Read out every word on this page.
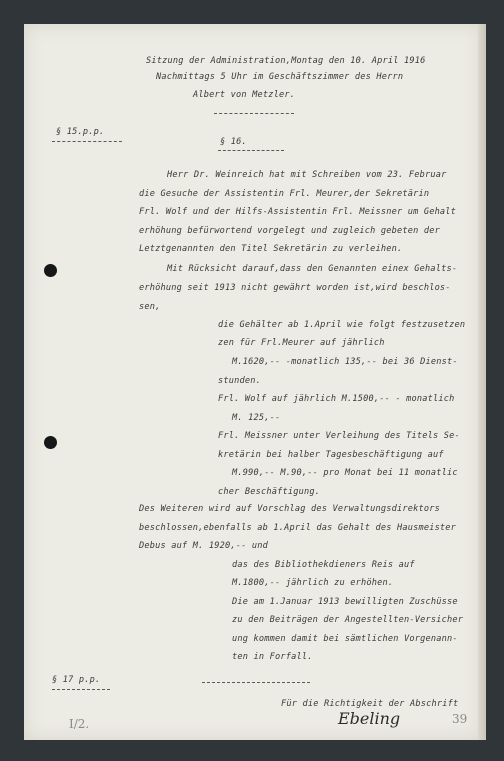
Sitzung der Administration,Montag den 10. April 1916
Nachmittags 5 Uhr im Geschäftszimmer des Herrn
Albert von Metzler.
§ 15.p.p.
§ 16.
Herr Dr. Weinreich hat mit Schreiben vom 23. Februar
die Gesuche der Assistentin Frl. Meurer,der Sekretärin
Frl. Wolf und der Hilfs-Assistentin Frl. Meissner um Gehalt
erhöhung befürwortend vorgelegt und zugleich gebeten der
Letztgenannten den Titel Sekretärin zu verleihen.
Mit Rücksicht darauf,dass den Genannten einex Gehalts-
erhöhung seit 1913 nicht gewährt worden ist,wird beschlos-
sen,
die Gehälter ab 1.April wie folgt festzusetzen
zen für Frl.Meurer auf jährlich
M.1620,-- -monatlich 135,-- bei 36 Dienst-
stunden.
Frl. Wolf auf jährlich M.1500,-- - monatlich
M. 125,--
Frl. Meissner unter Verleihung des Titels Se-
kretärin bei halber Tagesbeschäftigung auf
M.990,-- M.90,-- pro Monat bei 11 monatlic
cher Beschäftigung.
Des Weiteren wird auf Vorschlag des Verwaltungsdirektors
beschlossen,ebenfalls ab 1.April das Gehalt des Hausmeister
Debus auf M. 1920,-- und
das des Bibliothekdieners Reis auf
M.1800,-- jährlich zu erhöhen.
Die am 1.Januar 1913 bewilligten Zuschüsse
zu den Beiträgen der Angestellten-Versicher
ung kommen damit bei sämtlichen Vorgenann-
ten in Forfall.
§ 17 p.p.
Für die Richtigkeit der Abschrift
Ebeling
I/2.	39
